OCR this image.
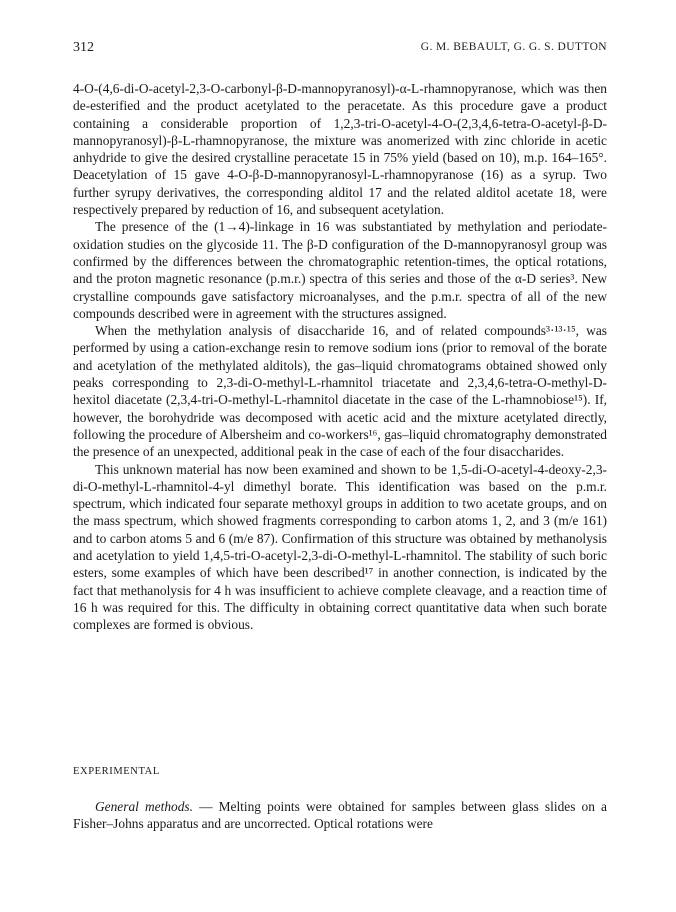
312	G. M. BEBAULT, G. G. S. DUTTON

4-O-(4,6-di-O-acetyl-2,3-O-carbonyl-β-D-mannopyranosyl)-α-L-rhamnopyranose, which was then de-esterified and the product acetylated to the peracetate. As this procedure gave a product containing a considerable proportion of 1,2,3-tri-O-acetyl-4-O-(2,3,4,6-tetra-O-acetyl-β-D-mannopyranosyl)-β-L-rhamnopyranose, the mixture was anomerized with zinc chloride in acetic anhydride to give the desired crystalline peracetate 15 in 75% yield (based on 10), m.p. 164–165°. Deacetylation of 15 gave 4-O-β-D-mannopyranosyl-L-rhamnopyranose (16) as a syrup. Two further syrupy derivatives, the corresponding alditol 17 and the related alditol acetate 18, were respectively prepared by reduction of 16, and subsequent acetylation.

The presence of the (1→4)-linkage in 16 was substantiated by methylation and periodate-oxidation studies on the glycoside 11. The β-D configuration of the D-mannopyranosyl group was confirmed by the differences between the chromatographic retention-times, the optical rotations, and the proton magnetic resonance (p.m.r.) spectra of this series and those of the α-D series³. New crystalline compounds gave satisfactory microanalyses, and the p.m.r. spectra of all of the new compounds described were in agreement with the structures assigned.

When the methylation analysis of disaccharide 16, and of related compounds³·¹³·¹⁵, was performed by using a cation-exchange resin to remove sodium ions (prior to removal of the borate and acetylation of the methylated alditols), the gas–liquid chromatograms obtained showed only peaks corresponding to 2,3-di-O-methyl-L-rhamnitol triacetate and 2,3,4,6-tetra-O-methyl-D-hexitol diacetate (2,3,4-tri-O-methyl-L-rhamnitol diacetate in the case of the L-rhamnobiose¹⁵). If, however, the borohydride was decomposed with acetic acid and the mixture acetylated directly, following the procedure of Albersheim and co-workers¹⁶, gas–liquid chromatography demonstrated the presence of an unexpected, additional peak in the case of each of the four disaccharides.

This unknown material has now been examined and shown to be 1,5-di-O-acetyl-4-deoxy-2,3-di-O-methyl-L-rhamnitol-4-yl dimethyl borate. This identification was based on the p.m.r. spectrum, which indicated four separate methoxyl groups in addition to two acetate groups, and on the mass spectrum, which showed fragments corresponding to carbon atoms 1, 2, and 3 (m/e 161) and to carbon atoms 5 and 6 (m/e 87). Confirmation of this structure was obtained by methanolysis and acetylation to yield 1,4,5-tri-O-acetyl-2,3-di-O-methyl-L-rhamnitol. The stability of such boric esters, some examples of which have been described¹⁷ in another connection, is indicated by the fact that methanolysis for 4 h was insufficient to achieve complete cleavage, and a reaction time of 16 h was required for this. The difficulty in obtaining correct quantitative data when such borate complexes are formed is obvious.

EXPERIMENTAL

General methods. — Melting points were obtained for samples between glass slides on a Fisher–Johns apparatus and are uncorrected. Optical rotations were
